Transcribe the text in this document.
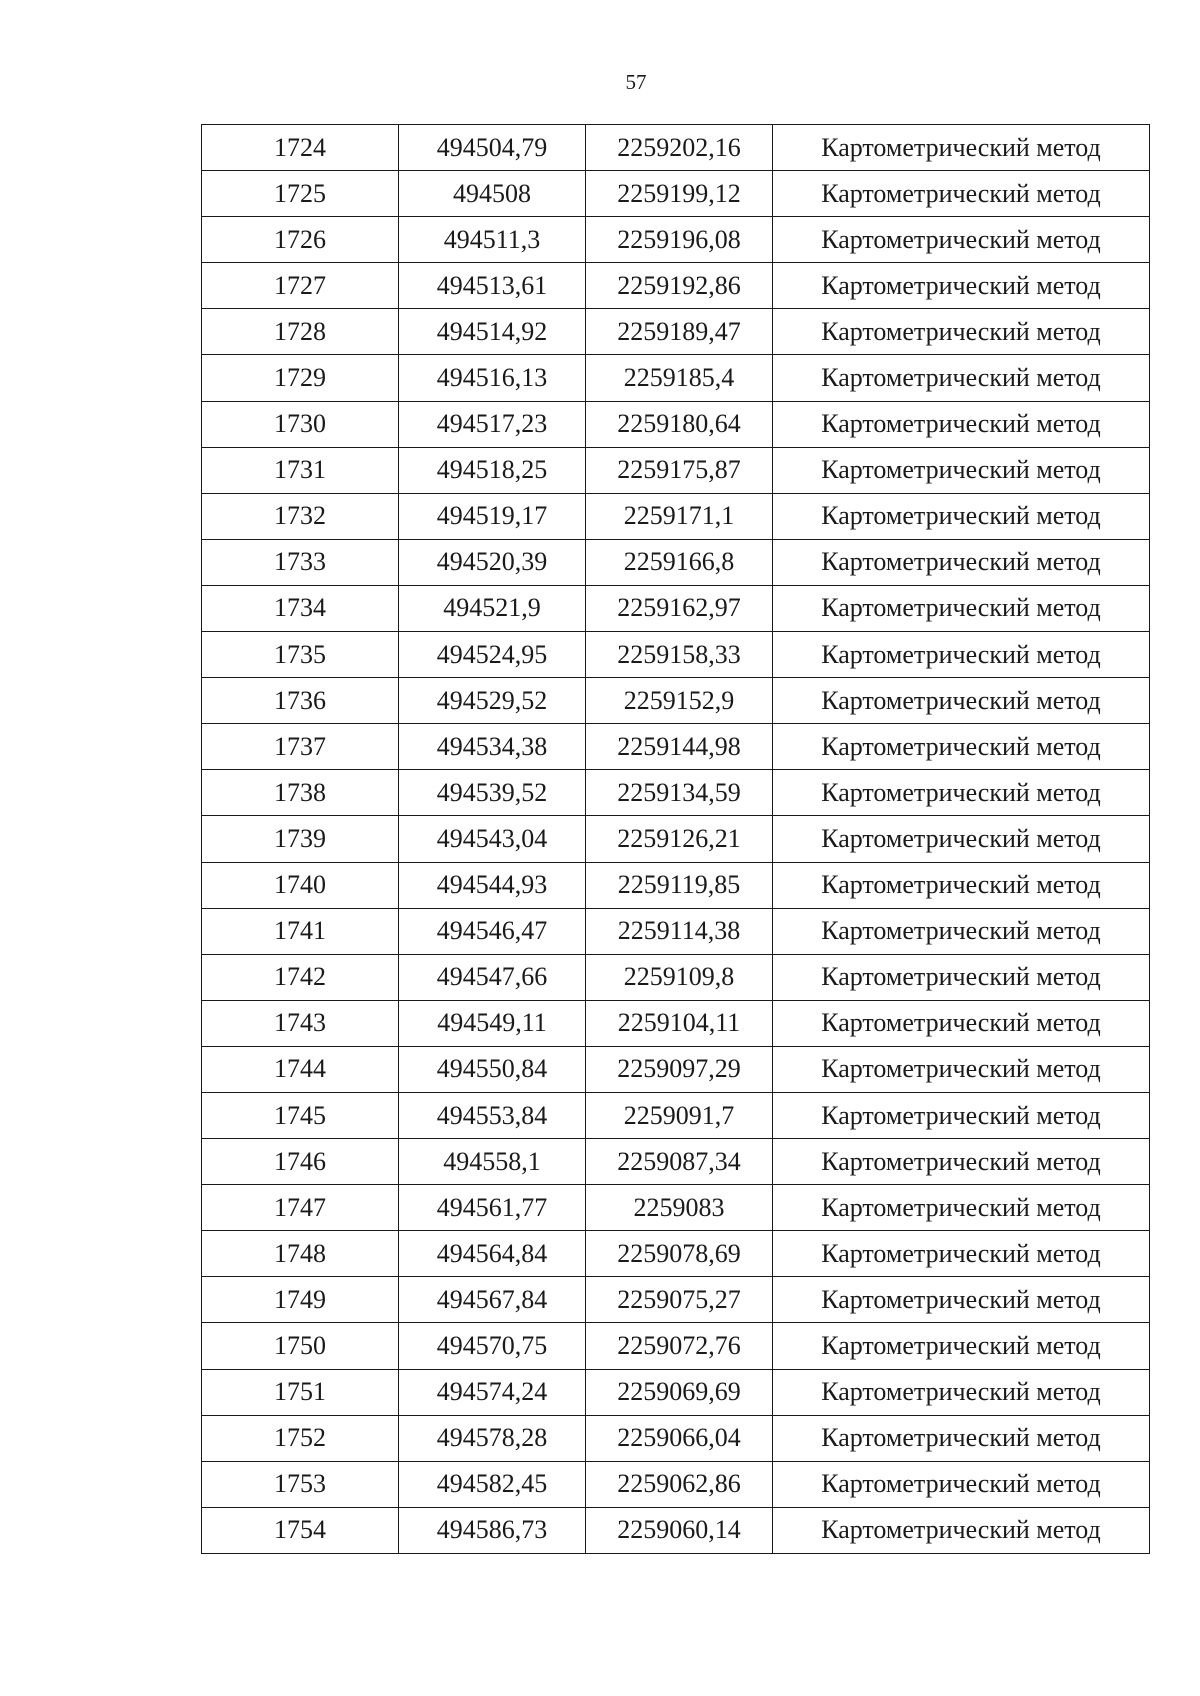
57
1724	494504,79	2259202,16	Картометрический метод
1725	494508	2259199,12	Картометрический метод
1726	494511,3	2259196,08	Картометрический метод
1727	494513,61	2259192,86	Картометрический метод
1728	494514,92	2259189,47	Картометрический метод
1729	494516,13	2259185,4	Картометрический метод
1730	494517,23	2259180,64	Картометрический метод
1731	494518,25	2259175,87	Картометрический метод
1732	494519,17	2259171,1	Картометрический метод
1733	494520,39	2259166,8	Картометрический метод
1734	494521,9	2259162,97	Картометрический метод
1735	494524,95	2259158,33	Картометрический метод
1736	494529,52	2259152,9	Картометрический метод
1737	494534,38	2259144,98	Картометрический метод
1738	494539,52	2259134,59	Картометрический метод
1739	494543,04	2259126,21	Картометрический метод
1740	494544,93	2259119,85	Картометрический метод
1741	494546,47	2259114,38	Картометрический метод
1742	494547,66	2259109,8	Картометрический метод
1743	494549,11	2259104,11	Картометрический метод
1744	494550,84	2259097,29	Картометрический метод
1745	494553,84	2259091,7	Картометрический метод
1746	494558,1	2259087,34	Картометрический метод
1747	494561,77	2259083	Картометрический метод
1748	494564,84	2259078,69	Картометрический метод
1749	494567,84	2259075,27	Картометрический метод
1750	494570,75	2259072,76	Картометрический метод
1751	494574,24	2259069,69	Картометрический метод
1752	494578,28	2259066,04	Картометрический метод
1753	494582,45	2259062,86	Картометрический метод
1754	494586,73	2259060,14	Картометрический метод
